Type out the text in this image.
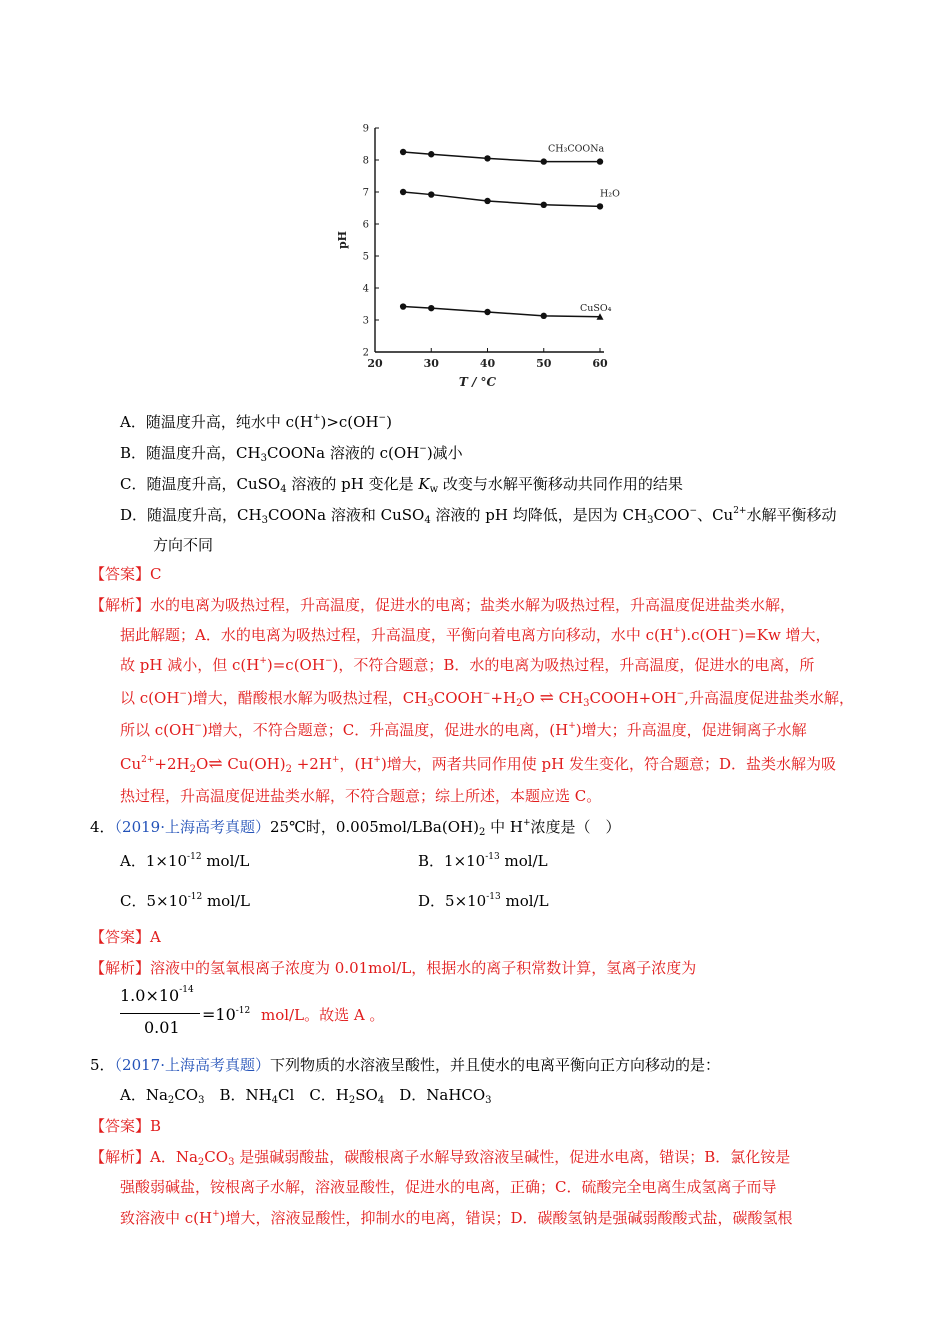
2
3
4
5
6
7
8
9
20	30	40	50	60
pH
T / °C
CH₃COONa
H₂O
CuSO₄
A．随温度升高，纯水中 c(H+)>c(OH−)
B．随温度升高，$CH_3COONa$ 溶液的 c(OH−)减小
C．随温度升高，CuSO$_4$ 溶液的 pH 变化是 $K_w$ 改变与水解平衡移动共同作用的结果
D．随温度升高，$CH_3COONa$ 溶液和 CuSO$_4$ 溶液的 pH 均降低，是因为 $CH_3COO^-$、$Cu^{2+}$水解平衡移动
方向不同
【答案】C
【解析】水的电离为吸热过程，升高温度，促进水的电离；盐类水解为吸热过程，升高温度促进盐类水解，
据此解题；A．水的电离为吸热过程，升高温度，平衡向着电离方向移动，水中 c(H+).c(OH−)=Kw 增大，
故 pH 减小，但 c(H+)=c(OH−)，不符合题意；B．水的电离为吸热过程，升高温度，促进水的电离，所
以 c(OH−)增大，醋酸根水解为吸热过程，$CH_3COOH^-+H_2O$ ⇌ $CH_3COOH+OH^-$,升高温度促进盐类水解，
所以 c(OH−)增大，不符合题意；C．升高温度，促进水的电离，(H+)增大；升高温度，促进铜离子水解
$Cu^{2+}+2H_2O\rightleftharpoons$ $Cu(OH)_2 +2H^+$，(H+)增大，两者共同作用使 pH 发生变化，符合题意；D．盐类水解为吸
热过程，升高温度促进盐类水解，不符合题意；综上所述，本题应选 C。
4．（2019·上海高考真题）25℃时，$0.005mol/LBa(OH)_2$ 中 H+浓度是（　）
A．$1\times 10^{-12}$ mol/L	B．$1\times 10^{-13}$ mol/L
C．$5\times 10^{-12}$ mol/L	D．$5\times 10^{-13}$ mol/L
【答案】A
【解析】溶液中的氢氧根离子浓度为 0.01mol/L，根据水的离子积常数计算，氢离子浓度为
$1.0\times 10^{-14}$
0.01
$=10^{-12}$ mol/L。故选 A 。
5．（2017·上海高考真题）下列物质的水溶液呈酸性，并且使水的电离平衡向正方向移动的是：
A．$Na_2CO_3$  B．$NH_4Cl$  C．$H_2SO_4$  D．NaHCO$_3$
【答案】B
【解析】A．$Na_2CO_3$ 是强碱弱酸盐，碳酸根离子水解导致溶液呈碱性，促进水电离，错误；B．氯化铵是
强酸弱碱盐，铵根离子水解，溶液显酸性，促进水的电离，正确；C．硫酸完全电离生成氢离子而导
致溶液中 c(H+)增大，溶液显酸性，抑制水的电离，错误；D．碳酸氢钠是强碱弱酸酸式盐，碳酸氢根
